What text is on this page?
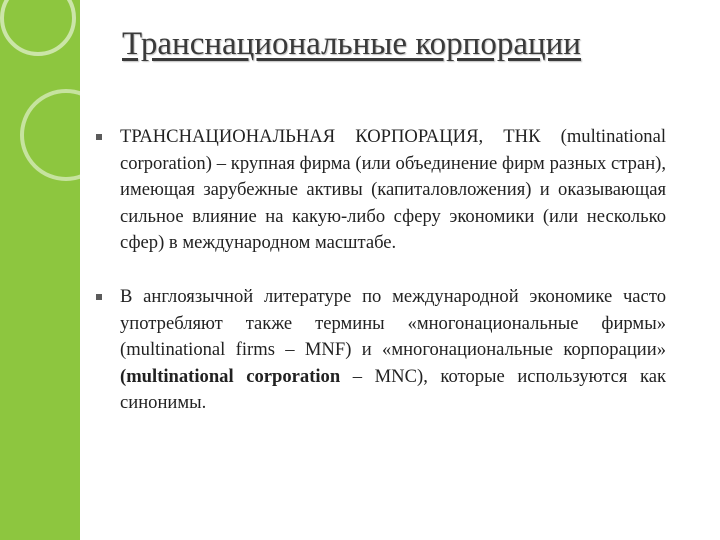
Транснациональные корпорации
ТРАНСНАЦИОНАЛЬНАЯ КОРПОРАЦИЯ, ТНК (multinational corporation) – крупная фирма (или объединение фирм разных стран), имеющая зарубежные активы (капиталовложения) и оказывающая сильное влияние на какую-либо сферу экономики (или несколько сфер) в международном масштабе.
В англоязычной литературе по международной экономике часто употребляют также термины «многонациональные фирмы» (multinational firms – MNF) и «многонациональные корпорации» (multinational corporation – MNC), которые используются как синонимы.
